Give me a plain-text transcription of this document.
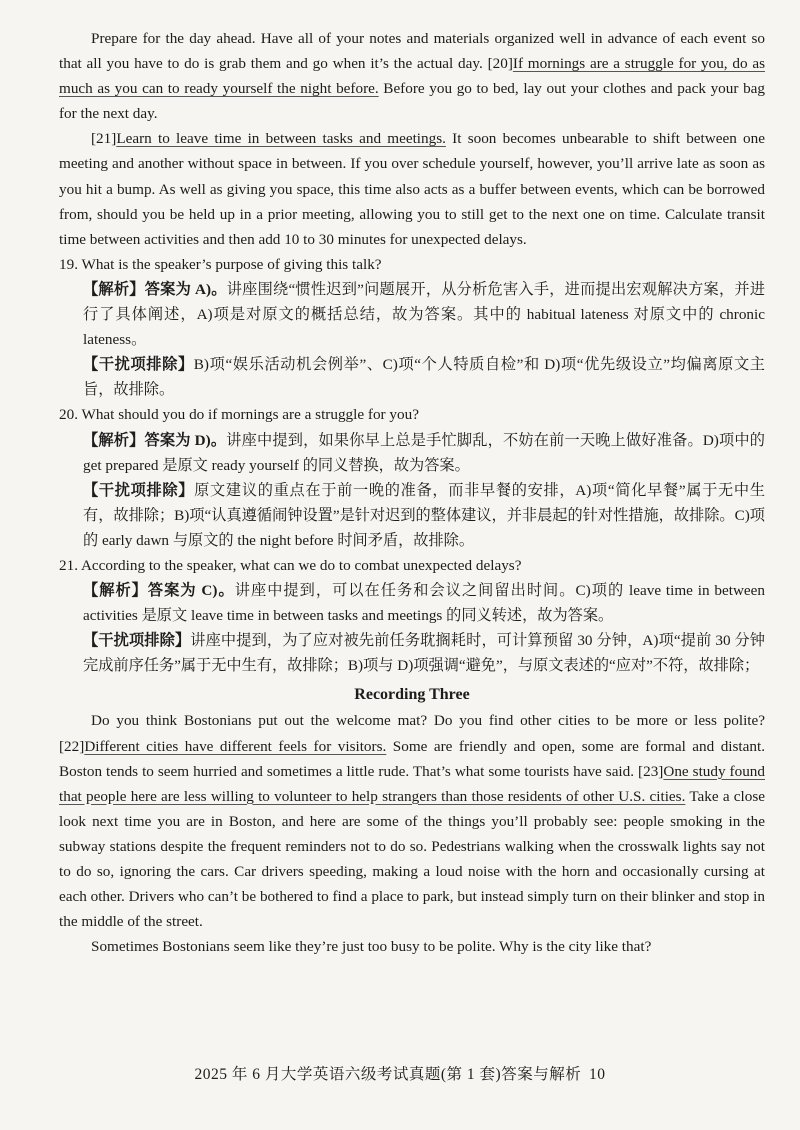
Prepare for the day ahead. Have all of your notes and materials organized well in advance of each event so that all you have to do is grab them and go when it’s the actual day. [20]If mornings are a struggle for you, do as much as you can to ready yourself the night before. Before you go to bed, lay out your clothes and pack your bag for the next day.

[21]Learn to leave time in between tasks and meetings. It soon becomes unbearable to shift between one meeting and another without space in between. If you over schedule yourself, however, you’ll arrive late as soon as you hit a bump. As well as giving you space, this time also acts as a buffer between events, which can be borrowed from, should you be held up in a prior meeting, allowing you to still get to the next one on time. Calculate transit time between activities and then add 10 to 30 minutes for unexpected delays.

19. What is the speaker’s purpose of giving this talk?

【解析】答案为 A)。讲座围绕“惯性迟到”问题展开，从分析危害入手，进而提出宏观解决方案，并进行了具体阐述，A)项是对原文的概括总结，故为答案。其中的 habitual lateness 对原文中的 chronic lateness。

【干扰项排除】B)项“娱乐活动机会例举”、C)项“个人特质自检”和 D)项“优先级设立”均偏离原文主旨，故排除。

20. What should you do if mornings are a struggle for you?

【解析】答案为 D)。讲座中提到，如果你早上总是手忙脚乱，不妨在前一天晚上做好准备。D)项中的 get prepared 是原文 ready yourself 的同义替换，故为答案。

【干扰项排除】原文建议的重点在于前一晚的准备，而非早餐的安排，A)项“简化早餐”属于无中生有，故排除；B)项“认真遵循闹钟设置”是针对迟到的整体建议，并非晨起的针对性措施，故排除。C)项的 early dawn 与原文的 the night before 时间矛盾，故排除。

21. According to the speaker, what can we do to combat unexpected delays?

【解析】答案为 C)。讲座中提到，可以在任务和会议之间留出时间。C)项的 leave time in between activities 是原文 leave time in between tasks and meetings 的同义转述，故为答案。

【干扰项排除】讲座中提到，为了应对被先前任务耽搁耗时，可计算预留 30 分钟，A)项“提前 30 分钟完成前序任务”属于无中生有，故排除；B)项与 D)项强调“避免”，与原文表述的“应对”不符，故排除；

Recording Three

Do you think Bostonians put out the welcome mat? Do you find other cities to be more or less polite? [22]Different cities have different feels for visitors. Some are friendly and open, some are formal and distant. Boston tends to seem hurried and sometimes a little rude. That’s what some tourists have said. [23]One study found that people here are less willing to volunteer to help strangers than those residents of other U.S. cities. Take a close look next time you are in Boston, and here are some of the things you’ll probably see: people smoking in the subway stations despite the frequent reminders not to do so. Pedestrians walking when the crosswalk lights say not to do so, ignoring the cars. Car drivers speeding, making a loud noise with the horn and occasionally cursing at each other. Drivers who can’t be bothered to find a place to park, but instead simply turn on their blinker and stop in the middle of the street.

Sometimes Bostonians seem like they’re just too busy to be polite. Why is the city like that?

2025 年 6 月大学英语六级考试真题(第 1 套)答案与解析 10
